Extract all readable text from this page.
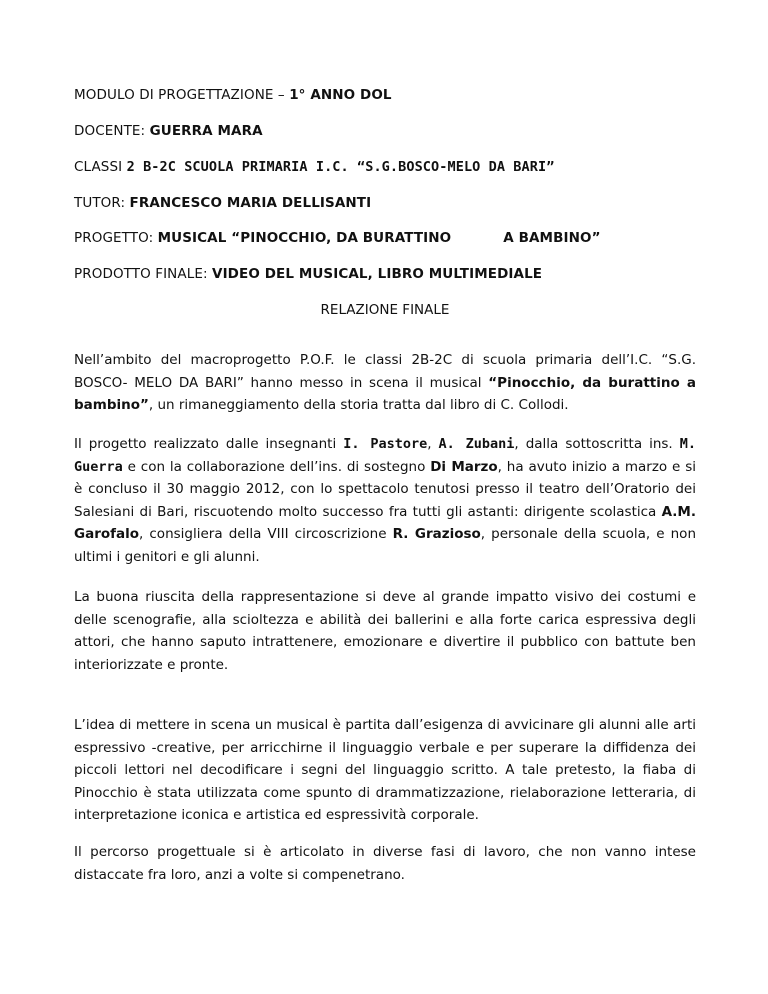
MODULO DI PROGETTAZIONE – 1° ANNO DOL
DOCENTE: GUERRA MARA
CLASSI 2 B-2C SCUOLA PRIMARIA I.C. “S.G.BOSCO-MELO DA BARI”
TUTOR: FRANCESCO MARIA DELLISANTI
PROGETTO: MUSICAL “PINOCCHIO, DA BURATTINO	A BAMBINO”
PRODOTTO FINALE: VIDEO DEL MUSICAL, LIBRO MULTIMEDIALE
RELAZIONE FINALE

Nell’ambito del macroprogetto P.O.F. le classi 2B-2C di scuola primaria dell’I.C. “S.G. BOSCO- MELO DA BARI” hanno messo in scena il musical “Pinocchio, da burattino a bambino”, un rimaneggiamento della storia tratta dal libro di C. Collodi.

Il progetto realizzato dalle insegnanti I. Pastore, A. Zubani, dalla sottoscritta ins. M. Guerra e con la collaborazione dell’ins. di sostegno Di Marzo, ha avuto inizio a marzo e si è concluso il 30 maggio 2012, con lo spettacolo tenutosi presso il teatro dell’Oratorio dei Salesiani di Bari, riscuotendo molto successo fra tutti gli astanti: dirigente scolastica A.M. Garofalo, consigliera della VIII circoscrizione R. Grazioso, personale della scuola, e non ultimi i genitori e gli alunni.

La buona riuscita della rappresentazione si deve al grande impatto visivo dei costumi e delle scenografie, alla scioltezza e abilità dei ballerini e alla forte carica espressiva degli attori, che hanno saputo intrattenere, emozionare e divertire il pubblico con battute ben interiorizzate e pronte.

L’idea di mettere in scena un musical è partita dall’esigenza di avvicinare gli alunni alle arti espressivo -creative, per arricchirne il linguaggio verbale e per superare la diffidenza dei piccoli lettori nel decodificare i segni del linguaggio scritto. A tale pretesto, la fiaba di Pinocchio è stata utilizzata come spunto di drammatizzazione, rielaborazione letteraria, di interpretazione iconica e artistica ed espressività corporale.

Il percorso progettuale si è articolato in diverse fasi di lavoro, che non vanno intese distaccate fra loro, anzi a volte si compenetrano.
